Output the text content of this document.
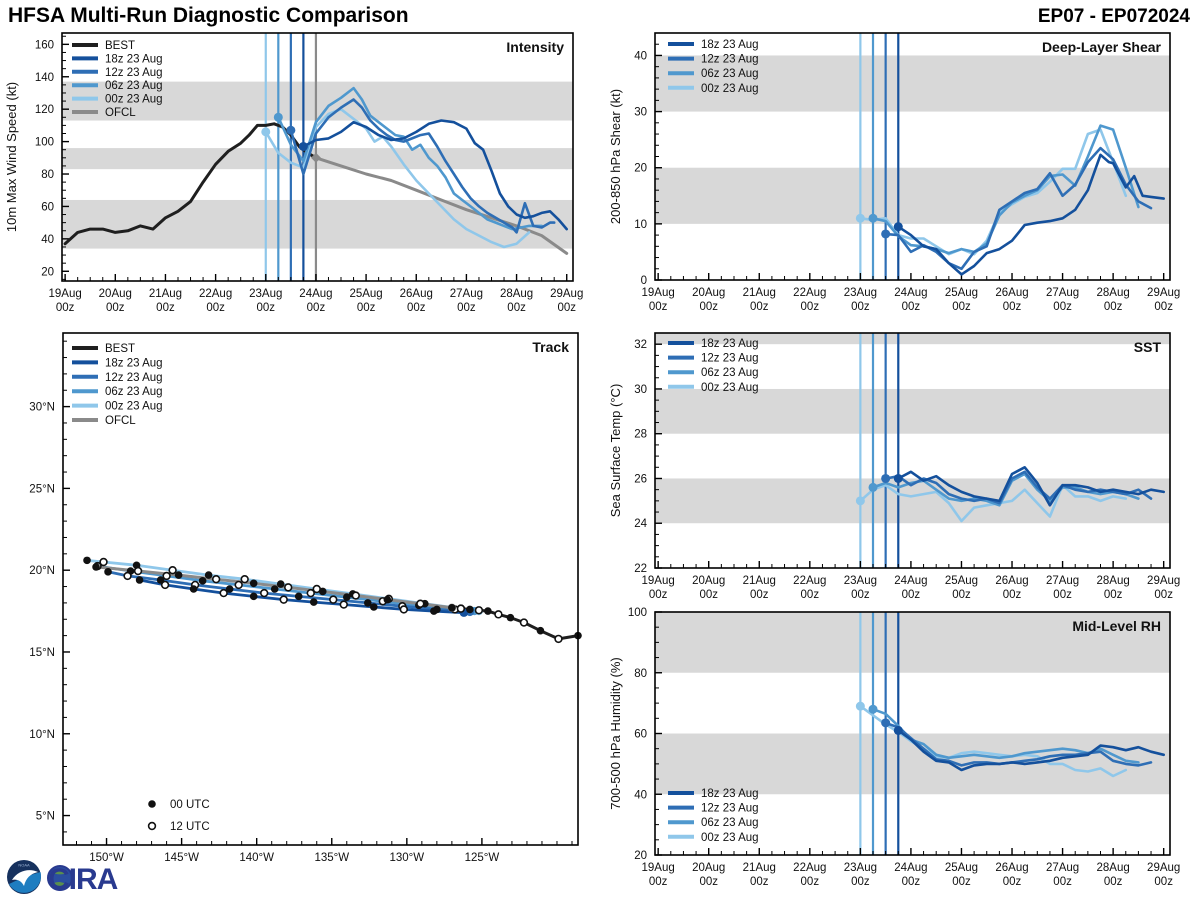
HFSA Multi-Run Diagnostic Comparison	EP07 - EP072024
19Aug
00z
20Aug
00z
21Aug
00z
22Aug
00z
23Aug
00z
24Aug
00z
25Aug
00z
26Aug
00z
27Aug
00z
28Aug
00z
29Aug
00z
20
40
60
80
100
120
140
160
10m Max Wind Speed (kt)
Intensity
BEST
18z 23 Aug
12z 23 Aug
06z 23 Aug
00z 23 Aug
OFCL
19Aug
00z
20Aug
00z
21Aug
00z
22Aug
00z
23Aug
00z
24Aug
00z
25Aug
00z
26Aug
00z
27Aug
00z
28Aug
00z
29Aug
00z
0
10
20
30
40
200-850 hPa Shear (kt)
Deep-Layer Shear
18z 23 Aug
12z 23 Aug
06z 23 Aug
00z 23 Aug
19Aug
00z
20Aug
00z
21Aug
00z
22Aug
00z
23Aug
00z
24Aug
00z
25Aug
00z
26Aug
00z
27Aug
00z
28Aug
00z
29Aug
00z
22
24
26
28
30
32
Sea Surface Temp (°C)
SST
18z 23 Aug
12z 23 Aug
06z 23 Aug
00z 23 Aug
19Aug
00z
20Aug
00z
21Aug
00z
22Aug
00z
23Aug
00z
24Aug
00z
25Aug
00z
26Aug
00z
27Aug
00z
28Aug
00z
29Aug
00z
20
40
60
80
100
700-500 hPa Humidity (%)
Mid-Level RH
18z 23 Aug
12z 23 Aug
06z 23 Aug
00z 23 Aug
150°W	145°W	140°W	135°W	130°W	125°W
5°N
10°N
15°N
20°N
25°N
30°N
Track
BEST
18z 23 Aug
12z 23 Aug
06z 23 Aug
00z 23 Aug
OFCL
00 UTC
12 UTC
NOAA CIRA
